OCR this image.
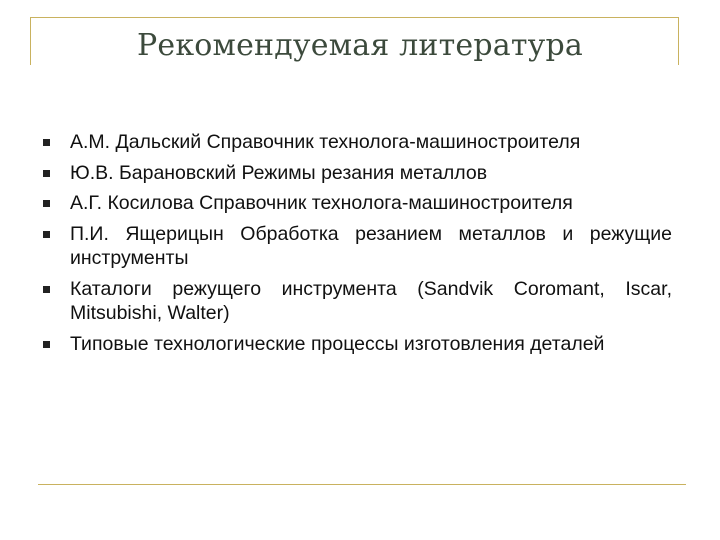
Рекомендуемая литература
А.М. Дальский Справочник технолога-машиностроителя
Ю.В. Барановский Режимы резания металлов
А.Г. Косилова Справочник технолога-машиностроителя
П.И. Ящерицын Обработка резанием металлов и режущие инструменты
Каталоги режущего инструмента (Sandvik Coromant, Iscar, Mitsubishi, Walter)
Типовые технологические процессы изготовления деталей
